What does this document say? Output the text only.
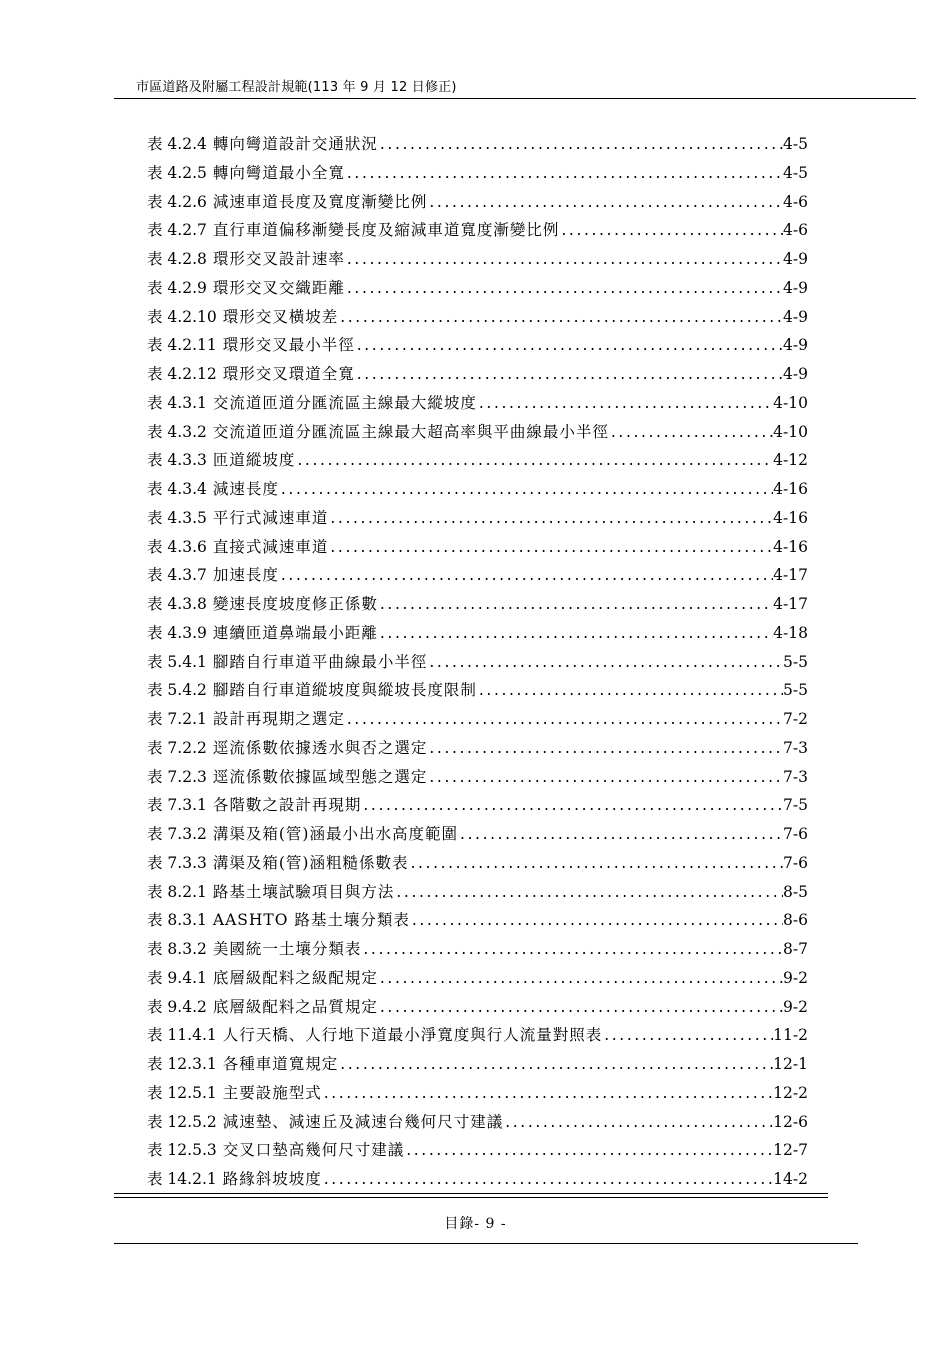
市區道路及附屬工程設計規範(113 年 9 月 12 日修正)
表 4.2.4 轉向彎道設計交通狀況 .....	4-5
表 4.2.5 轉向彎道最小全寬 .....	4-5
表 4.2.6 減速車道長度及寬度漸變比例 .....	4-6
表 4.2.7 直行車道偏移漸變長度及縮減車道寬度漸變比例 .....	4-6
表 4.2.8 環形交叉設計速率 .....	4-9
表 4.2.9 環形交叉交織距離 .....	4-9
表 4.2.10 環形交叉橫坡差 .....	4-9
表 4.2.11 環形交叉最小半徑 .....	4-9
表 4.2.12 環形交叉環道全寬 .....	4-9
表 4.3.1 交流道匝道分匯流區主線最大縱坡度 .....	4-10
表 4.3.2 交流道匝道分匯流區主線最大超高率與平曲線最小半徑 .....	4-10
表 4.3.3 匝道縱坡度 .....	4-12
表 4.3.4 減速長度 .....	4-16
表 4.3.5 平行式減速車道 .....	4-16
表 4.3.6 直接式減速車道 .....	4-16
表 4.3.7 加速長度 .....	4-17
表 4.3.8 變速長度坡度修正係數 .....	4-17
表 4.3.9 連續匝道鼻端最小距離 .....	4-18
表 5.4.1 腳踏自行車道平曲線最小半徑 .....	5-5
表 5.4.2 腳踏自行車道縱坡度與縱坡長度限制 .....	5-5
表 7.2.1 設計再現期之選定 .....	7-2
表 7.2.2 逕流係數依據透水與否之選定 .....	7-3
表 7.2.3 逕流係數依據區域型態之選定 .....	7-3
表 7.3.1 各階數之設計再現期 .....	7-5
表 7.3.2 溝渠及箱(管)涵最小出水高度範圍 .....	7-6
表 7.3.3 溝渠及箱(管)涵粗糙係數表 .....	7-6
表 8.2.1 路基土壤試驗項目與方法 .....	8-5
表 8.3.1 AASHTO 路基土壤分類表 .....	8-6
表 8.3.2 美國統一土壤分類表 .....	8-7
表 9.4.1 底層級配料之級配規定 .....	9-2
表 9.4.2 底層級配料之品質規定 .....	9-2
表 11.4.1 人行天橋、人行地下道最小淨寬度與行人流量對照表 .....	11-2
表 12.3.1 各種車道寬規定 .....	12-1
表 12.5.1 主要設施型式 .....	12-2
表 12.5.2 減速墊、減速丘及減速台幾何尺寸建議 .....	12-6
表 12.5.3 交叉口墊高幾何尺寸建議 .....	12-7
表 14.2.1 路緣斜坡坡度 .....	14-2
目錄- 9 -
